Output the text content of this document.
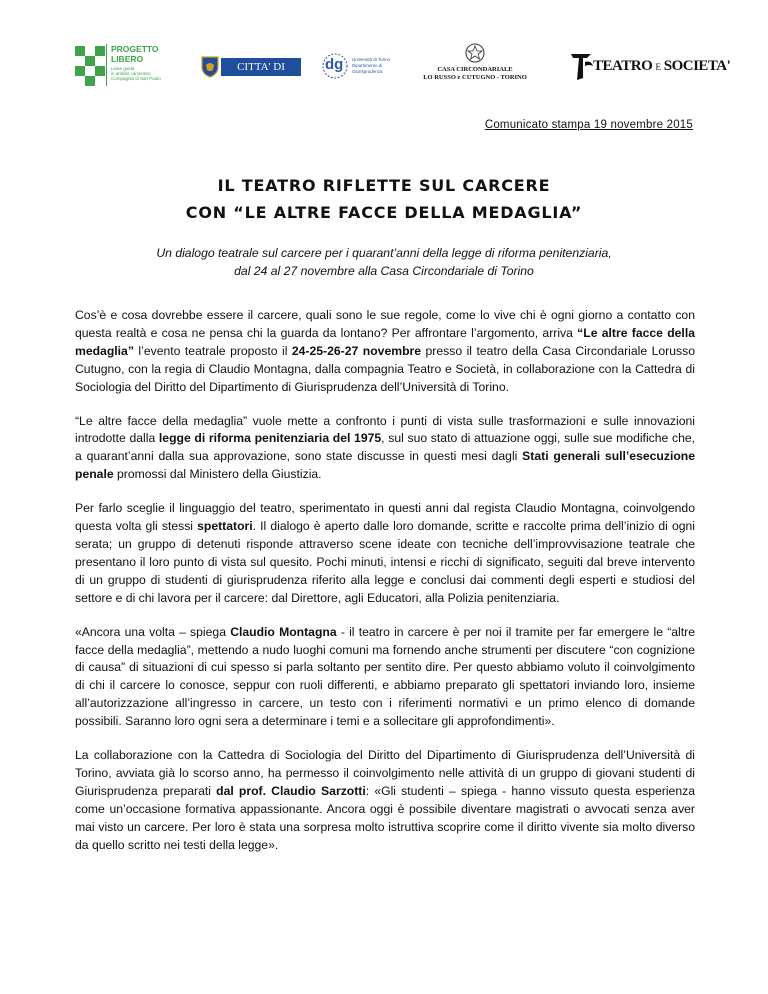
PROGETTO
LIBERO
Linee guida
in ambito carcerario
Compagnia di San Paolo
CITTA' DI TORINO
dg Università di Torino
Dipartimento di Giurisprudenza	CASA CIRCONDARIALE
LO RUSSO e CUTUGNO - TORINO
TEATRO E SOCIETA'
Comunicato stampa 19 novembre 2015
IL TEATRO RIFLETTE SUL CARCERE
CON “LE ALTRE FACCE DELLA MEDAGLIA”
Un dialogo teatrale sul carcere per i quarant’anni della legge di riforma penitenziaria,
dal 24 al 27 novembre alla Casa Circondariale di Torino

Cos’è e cosa dovrebbe essere il carcere, quali sono le sue regole, come lo vive chi è ogni giorno a contatto con questa realtà e cosa ne pensa chi la guarda da lontano? Per affrontare l’argomento, arriva “Le altre facce della medaglia” l’evento teatrale proposto il 24-25-26-27 novembre presso il teatro della Casa Circondariale Lorusso Cutugno, con la regia di Claudio Montagna, dalla compagnia Teatro e Società, in collaborazione con la Cattedra di Sociologia del Diritto del Dipartimento di Giurisprudenza dell’Università di Torino.

“Le altre facce della medaglia” vuole mette a confronto i punti di vista sulle trasformazioni e sulle innovazioni introdotte dalla legge di riforma penitenziaria del 1975, sul suo stato di attuazione oggi, sulle sue modifiche che, a quarant’anni dalla sua approvazione, sono state discusse in questi mesi dagli Stati generali sull’esecuzione penale promossi dal Ministero della Giustizia.

Per farlo sceglie il linguaggio del teatro, sperimentato in questi anni dal regista Claudio Montagna, coinvolgendo questa volta gli stessi spettatori. Il dialogo è aperto dalle loro domande, scritte e raccolte prima dell’inizio di ogni serata; un gruppo di detenuti risponde attraverso scene ideate con tecniche dell’improvvisazione teatrale che presentano il loro punto di vista sul quesito. Pochi minuti, intensi e ricchi di significato, seguiti dal breve intervento di un gruppo di studenti di giurisprudenza riferito alla legge e conclusi dai commenti degli esperti e studiosi del settore e di chi lavora per il carcere: dal Direttore, agli Educatori, alla Polizia penitenziaria.

«Ancora una volta – spiega Claudio Montagna - il teatro in carcere è per noi il tramite per far emergere le “altre facce della medaglia”, mettendo a nudo luoghi comuni ma fornendo anche strumenti per discutere “con cognizione di causa” di situazioni di cui spesso si parla soltanto per sentito dire. Per questo abbiamo voluto il coinvolgimento di chi il carcere lo conosce, seppur con ruoli differenti, e abbiamo preparato gli spettatori inviando loro, insieme all’autorizzazione all’ingresso in carcere, un testo con i riferimenti normativi e un primo elenco di domande possibili. Saranno loro ogni sera a determinare i temi e a sollecitare gli approfondimenti».

La collaborazione con la Cattedra di Sociologia del Diritto del Dipartimento di Giurisprudenza dell’Università di Torino, avviata già lo scorso anno, ha permesso il coinvolgimento nelle attività di un gruppo di giovani studenti di Giurisprudenza preparati dal prof. Claudio Sarzotti: «Gli studenti – spiega - hanno vissuto questa esperienza come un’occasione formativa appassionante. Ancora oggi è possibile diventare magistrati o avvocati senza aver mai visto un carcere. Per loro è stata una sorpresa molto istruttiva scoprire come il diritto vivente sia molto diverso da quello scritto nei testi della legge».
